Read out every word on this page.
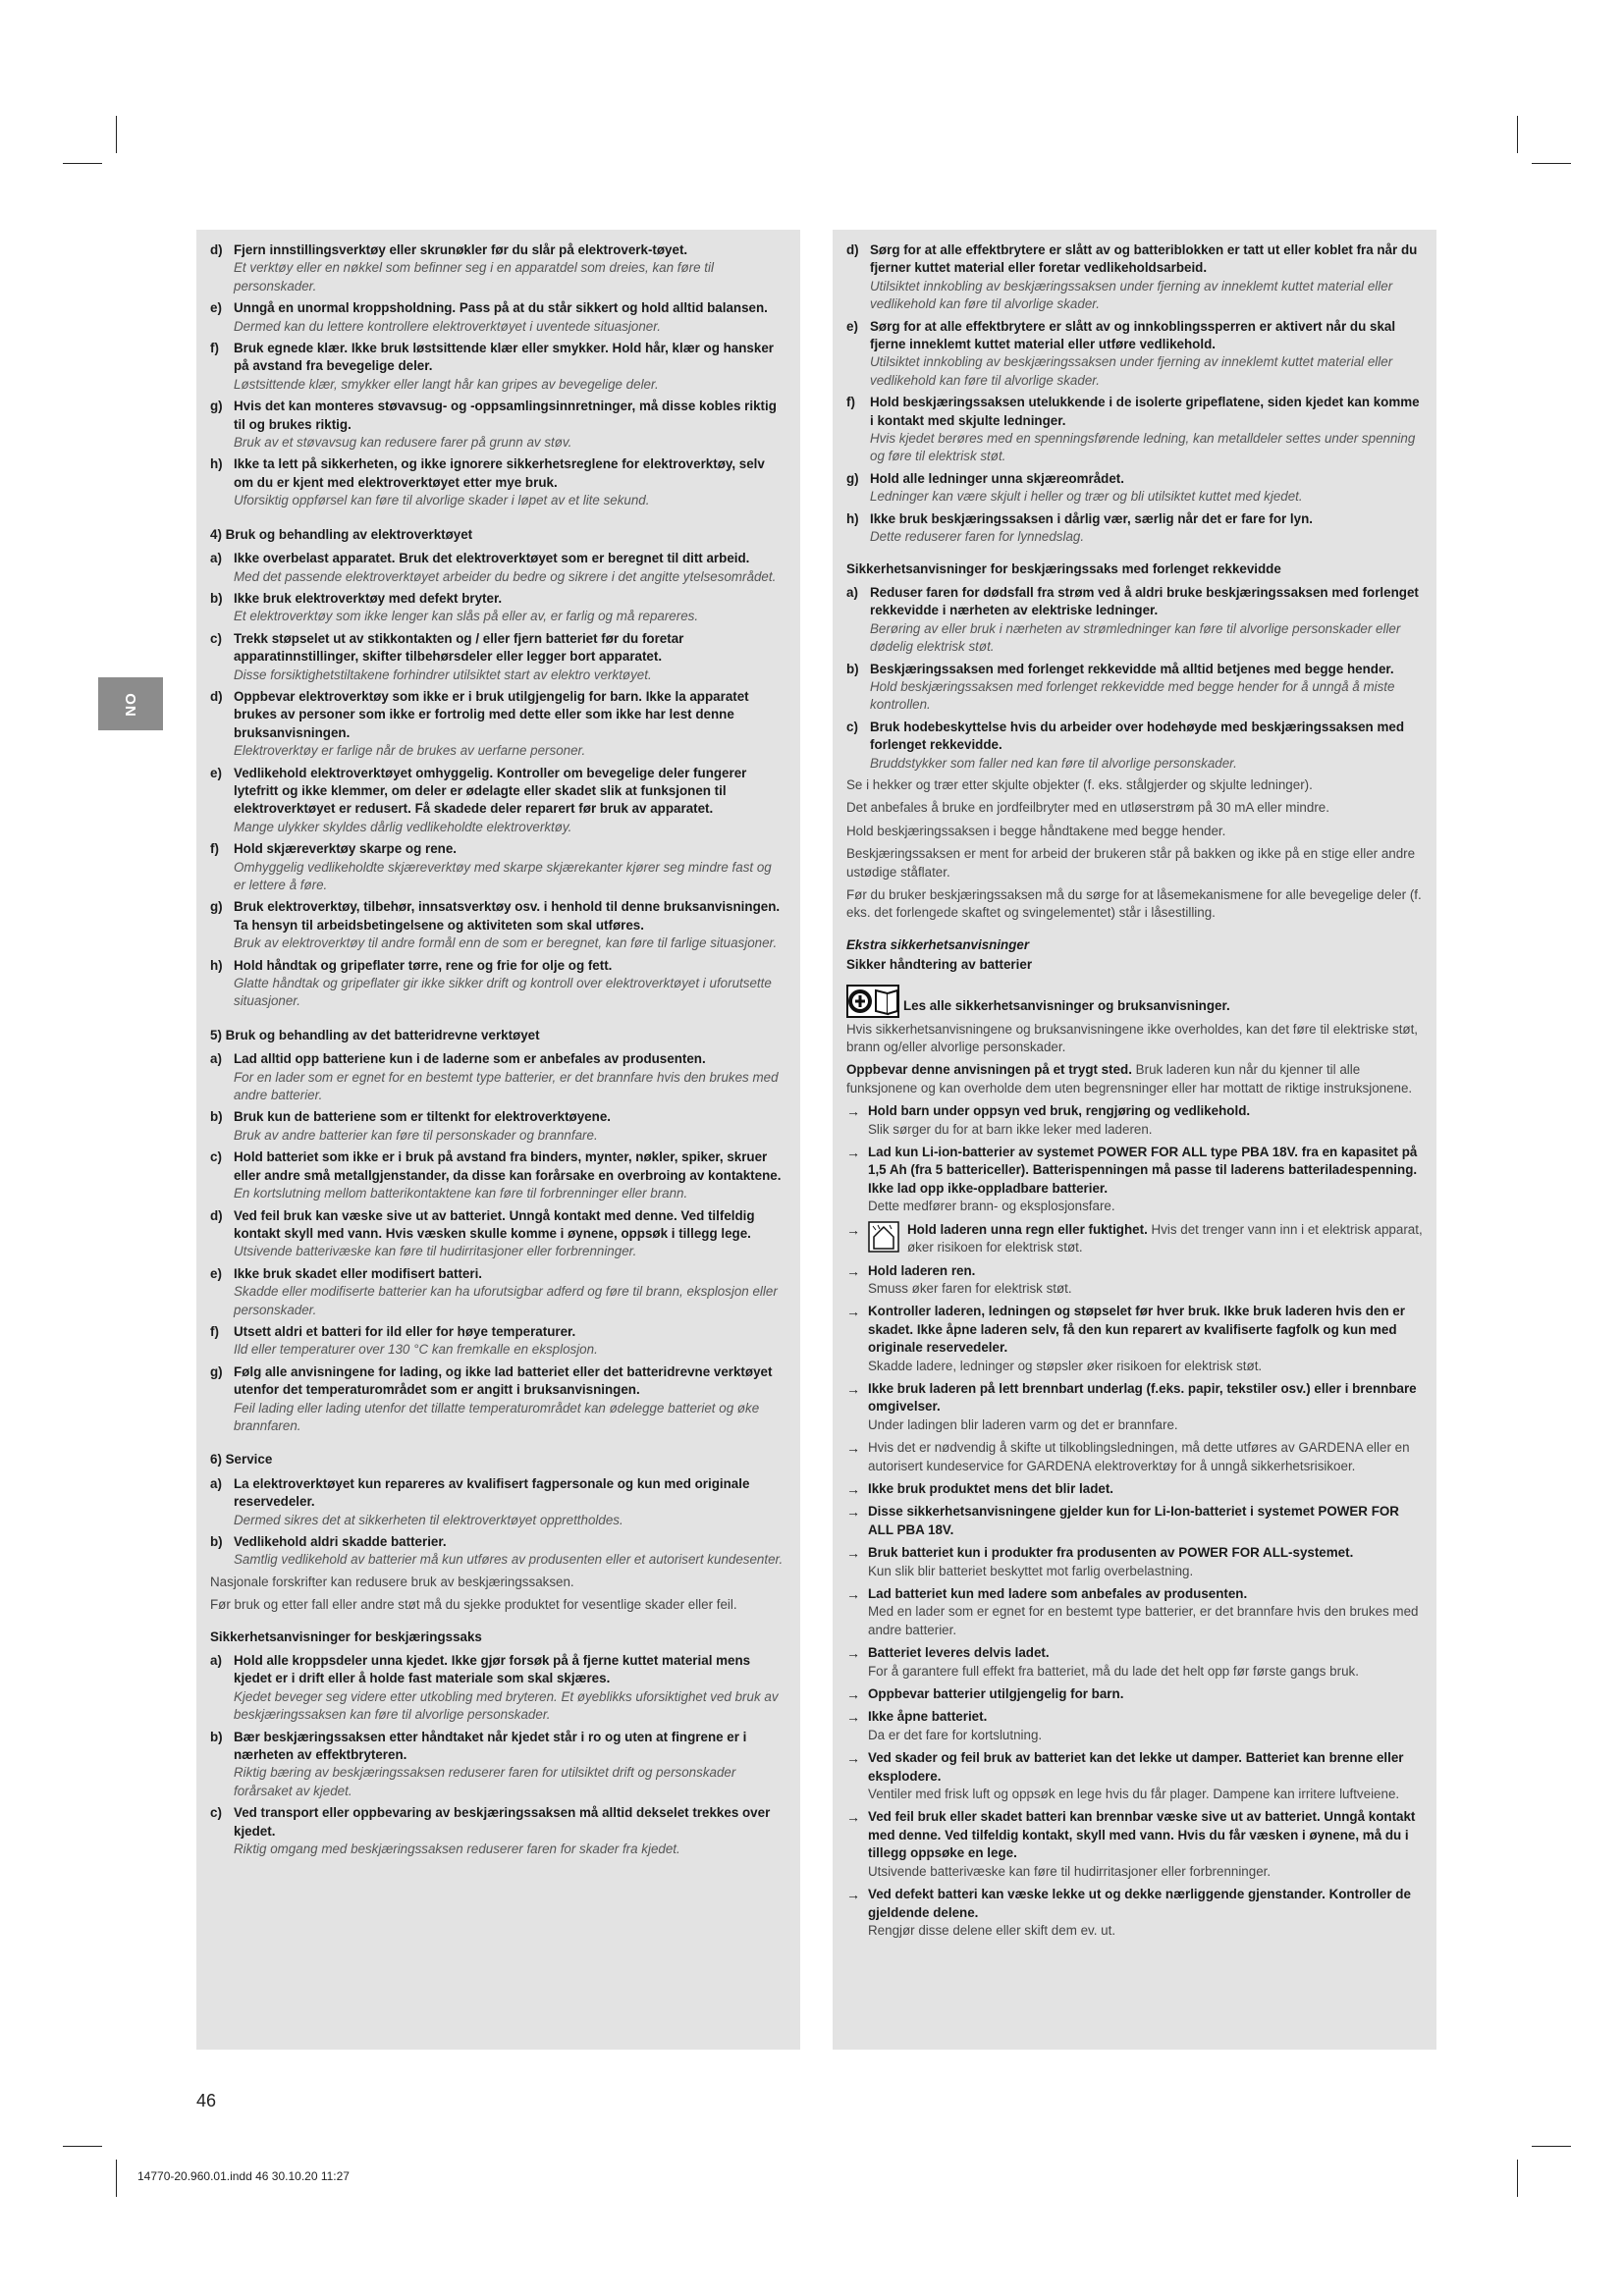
NO
d) Fjern innstillingsverktøy eller skrunøkler før du slår på elektroverk-tøyet.
Et verktøy eller en nøkkel som befinner seg i en apparatdel som dreies, kan føre til personskader.
e) Unngå en unormal kroppsholdning. Pass på at du står sikkert og hold alltid balansen.
Dermed kan du lettere kontrollere elektroverktøyet i uventede situasjoner.
f)	Bruk egnede klær. Ikke bruk løstsittende klær eller smykker. Hold hår, klær og hansker på avstand fra bevegelige deler.
Løstsittende klær, smykker eller langt hår kan gripes av bevegelige deler.
g) Hvis det kan monteres støvavsug- og -oppsamlingsinnretninger, må disse kobles riktig til og brukes riktig.
Bruk av et støvavsug kan redusere farer på grunn av støv.
h) Ikke ta lett på sikkerheten, og ikke ignorere sikkerhetsreglene for elektroverktøy, selv om du er kjent med elektroverktøyet etter mye bruk.
Uforsiktig oppførsel kan føre til alvorlige skader i løpet av et lite sekund.
4) Bruk og behandling av elektroverktøyet
a) Ikke overbelast apparatet. Bruk det elektroverktøyet som er beregnet til ditt arbeid.
Med det passende elektroverktøyet arbeider du bedre og sikrere i det angitte ytelsesområdet.
b) Ikke bruk elektroverktøy med defekt bryter.
Et elektroverktøy som ikke lenger kan slås på eller av, er farlig og må repareres.
c) Trekk støpselet ut av stikkontakten og / eller fjern batteriet før du foretar apparatinnstillinger, skifter tilbehørsdeler eller legger bort apparatet.
Disse forsiktighetstiltakene forhindrer utilsiktet start av elektro verktøyet.
d) Oppbevar elektroverktøy som ikke er i bruk utilgjengelig for barn. Ikke la apparatet brukes av personer som ikke er fortrolig med dette eller som ikke har lest denne bruksanvisningen.
Elektroverktøy er farlige når de brukes av uerfarne personer.
e) Vedlikehold elektroverktøyet omhyggelig. Kontroller om bevegelige deler fungerer lytefritt og ikke klemmer, om deler er ødelagte eller skadet slik at funksjonen til elektroverktøyet er redusert. Få skadede deler reparert før bruk av apparatet.
Mange ulykker skyldes dårlig vedlikeholdte elektroverktøy.
f)	Hold skjæreverktøy skarpe og rene.
Omhyggelig vedlikeholdte skjæreverktøy med skarpe skjærekanter kjører seg mindre fast og er lettere å føre.
g) Bruk elektroverktøy, tilbehør, innsatsverktøy osv. i henhold til denne bruksanvisningen. Ta hensyn til arbeidsbetingelsene og aktiviteten som skal utføres.
Bruk av elektroverktøy til andre formål enn de som er beregnet, kan føre til farlige situasjoner.
h) Hold håndtak og gripeflater tørre, rene og frie for olje og fett.
Glatte håndtak og gripeflater gir ikke sikker drift og kontroll over elektroverktøyet i uforutsette situasjoner.
5) Bruk og behandling av det batteridrevne verktøyet
a) Lad alltid opp batteriene kun i de laderne som er anbefales av produsenten.
For en lader som er egnet for en bestemt type batterier, er det brannfare hvis den brukes med andre batterier.
b) Bruk kun de batteriene som er tiltenkt for elektroverktøyene.
Bruk av andre batterier kan føre til personskader og brannfare.
c) Hold batteriet som ikke er i bruk på avstand fra binders, mynter, nøkler, spiker, skruer eller andre små metallgjenstander, da disse kan forårsake en overbroing av kontaktene.
En kortslutning mellom batterikontaktene kan føre til forbrenninger eller brann.
d) Ved feil bruk kan væske sive ut av batteriet. Unngå kontakt med denne. Ved tilfeldig kontakt skyll med vann. Hvis væsken skulle komme i øynene, oppsøk i tillegg lege.
Utsivende batterivæske kan føre til hudirritasjoner eller forbrenninger.
e) Ikke bruk skadet eller modifisert batteri.
Skadde eller modifiserte batterier kan ha uforutsigbar adferd og føre til brann, eksplosjon eller personskader.
f)	Utsett aldri et batteri for ild eller for høye temperaturer.
Ild eller temperaturer over 130 °C kan fremkalle en eksplosjon.
g) Følg alle anvisningene for lading, og ikke lad batteriet eller det batteridrevne verktøyet utenfor det temperaturområdet som er angitt i bruksanvisningen.
Feil lading eller lading utenfor det tillatte temperaturområdet kan ødelegge batteriet og øke brannfaren.
6) Service
a) La elektroverktøyet kun repareres av kvalifisert fagpersonale og kun med originale reservedeler.
Dermed sikres det at sikkerheten til elektroverktøyet opprettholdes.
b) Vedlikehold aldri skadde batterier.
Samtlig vedlikehold av batterier må kun utføres av produsenten eller et autorisert kundesenter.
Nasjonale forskrifter kan redusere bruk av beskjæringssaksen.
Før bruk og etter fall eller andre støt må du sjekke produktet for vesentlige skader eller feil.
Sikkerhetsanvisninger for beskjæringssaks
a) Hold alle kroppsdeler unna kjedet. Ikke gjør forsøk på å fjerne kuttet material mens kjedet er i drift eller å holde fast materiale som skal skjæres.
Kjedet beveger seg videre etter utkobling med bryteren. Et øyeblikks uforsiktighet ved bruk av beskjæringssaksen kan føre til alvorlige personskader.
b) Bær beskjæringssaksen etter håndtaket når kjedet står i ro og uten at fingrene er i nærheten av effektbryteren.
Riktig bæring av beskjæringssaksen reduserer faren for utilsiktet drift og personskader forårsaket av kjedet.
c) Ved transport eller oppbevaring av beskjæringssaksen må alltid dekselet trekkes over kjedet.
Riktig omgang med beskjæringssaksen reduserer faren for skader fra kjedet.
d) Sørg for at alle effektbrytere er slått av og batteriblokken er tatt ut eller koblet fra når du fjerner kuttet material eller foretar vedlikeholdsarbeid.
Utilsiktet innkobling av beskjæringssaksen under fjerning av inneklemt kuttet material eller vedlikehold kan føre til alvorlige skader.
e) Sørg for at alle effektbrytere er slått av og innkoblingssperren er aktivert når du skal fjerne inneklemt kuttet material eller utføre vedlikehold.
Utilsiktet innkobling av beskjæringssaksen under fjerning av inneklemt kuttet material eller vedlikehold kan føre til alvorlige skader.
f)	Hold beskjæringssaksen utelukkende i de isolerte gripeflatene, siden kjedet kan komme i kontakt med skjulte ledninger.
Hvis kjedet berøres med en spenningsførende ledning, kan metalldeler settes under spenning og føre til elektrisk støt.
g) Hold alle ledninger unna skjæreområdet.
Ledninger kan være skjult i heller og trær og bli utilsiktet kuttet med kjedet.
h) Ikke bruk beskjæringssaksen i dårlig vær, særlig når det er fare for lyn.
Dette reduserer faren for lynnedslag.
Sikkerhetsanvisninger for beskjæringssaks med forlenget rekkevidde
a) Reduser faren for dødsfall fra strøm ved å aldri bruke beskjæringssaksen med forlenget rekkevidde i nærheten av elektriske ledninger.
Berøring av eller bruk i nærheten av strømledninger kan føre til alvorlige personskader eller dødelig elektrisk støt.
b) Beskjæringssaksen med forlenget rekkevidde må alltid betjenes med begge hender.
Hold beskjæringssaksen med forlenget rekkevidde med begge hender for å unngå å miste kontrollen.
c) Bruk hodebeskyttelse hvis du arbeider over hodehøyde med beskjæringssaksen med forlenget rekkevidde.
Bruddstykker som faller ned kan føre til alvorlige personskader.
Se i hekker og trær etter skjulte objekter (f. eks. stålgjerder og skjulte ledninger).
Det anbefales å bruke en jordfeilbryter med en utløserstrøm på 30 mA eller mindre.
Hold beskjæringssaksen i begge håndtakene med begge hender.
Beskjæringssaksen er ment for arbeid der brukeren står på bakken og ikke på en stige eller andre ustødige ståflater.
Før du bruker beskjæringssaksen må du sørge for at låsemekanismene for alle bevegelige deler (f. eks. det forlengede skaftet og svingelementet) står i låsestilling.
Ekstra sikkerhetsanvisninger
Sikker håndtering av batterier
Les alle sikkerhetsanvisninger og bruksanvisninger.
Hvis sikkerhetsanvisningene og bruksanvisningene ikke overholdes, kan det føre til elektriske støt, brann og/eller alvorlige personskader.
Oppbevar denne anvisningen på et trygt sted. Bruk laderen kun når du kjenner til alle funksjonene og kan overholde dem uten begrensninger eller har mottatt de riktige instruksjonene.
→ Hold barn under oppsyn ved bruk, rengjøring og vedlikehold.
Slik sørger du for at barn ikke leker med laderen.
→ Lad kun Li-ion-batterier av systemet POWER FOR ALL type PBA 18V. fra en kapasitet på 1,5 Ah (fra 5 battericeller). Batterispenningen må passe til laderens batteriladespenning. Ikke lad opp ikke-oppladbare batterier.
Dette medfører brann- og eksplosjonsfare.
→	Hold laderen unna regn eller fuktighet. Hvis det trenger vann inn i et elektrisk apparat, øker risikoen for elektrisk støt.
→ Hold laderen ren.
Smuss øker faren for elektrisk støt.
→ Kontroller laderen, ledningen og støpselet før hver bruk. Ikke bruk laderen hvis den er skadet. Ikke åpne laderen selv, få den kun reparert av kvalifiserte fagfolk og kun med originale reservedeler.
Skadde ladere, ledninger og støpsler øker risikoen for elektrisk støt.
→ Ikke bruk laderen på lett brennbart underlag (f.eks. papir, tekstiler osv.) eller i brennbare omgivelser.
Under ladingen blir laderen varm og det er brannfare.
→ Hvis det er nødvendig å skifte ut tilkoblingsledningen, må dette utføres av GARDENA eller en autorisert kundeservice for GARDENA elektroverktøy for å unngå sikkerhetsrisikoer.
→ Ikke bruk produktet mens det blir ladet.
→ Disse sikkerhetsanvisningene gjelder kun for Li-Ion-batteriet i systemet POWER FOR ALL PBA 18V.
→ Bruk batteriet kun i produkter fra produsenten av POWER FOR ALL-systemet.
Kun slik blir batteriet beskyttet mot farlig overbelastning.
→ Lad batteriet kun med ladere som anbefales av produsenten.
Med en lader som er egnet for en bestemt type batterier, er det brannfare hvis den brukes med andre batterier.
→ Batteriet leveres delvis ladet.
For å garantere full effekt fra batteriet, må du lade det helt opp før første gangs bruk.
→ Oppbevar batterier utilgjengelig for barn.
→ Ikke åpne batteriet.
Da er det fare for kortslutning.
→ Ved skader og feil bruk av batteriet kan det lekke ut damper. Batteriet kan brenne eller eksplodere.
Ventiler med frisk luft og oppsøk en lege hvis du får plager. Dampene kan irritere luftveiene.
→ Ved feil bruk eller skadet batteri kan brennbar væske sive ut av batteriet. Unngå kontakt med denne. Ved tilfeldig kontakt, skyll med vann. Hvis du får væsken i øynene, må du i tillegg oppsøke en lege.
Utsivende batterivæske kan føre til hudirritasjoner eller forbrenninger.
→ Ved defekt batteri kan væske lekke ut og dekke nærliggende gjenstander. Kontroller de gjeldende delene.
Rengjør disse delene eller skift dem ev. ut.
46
14770-20.960.01.indd 46 30.10.20 11:27
